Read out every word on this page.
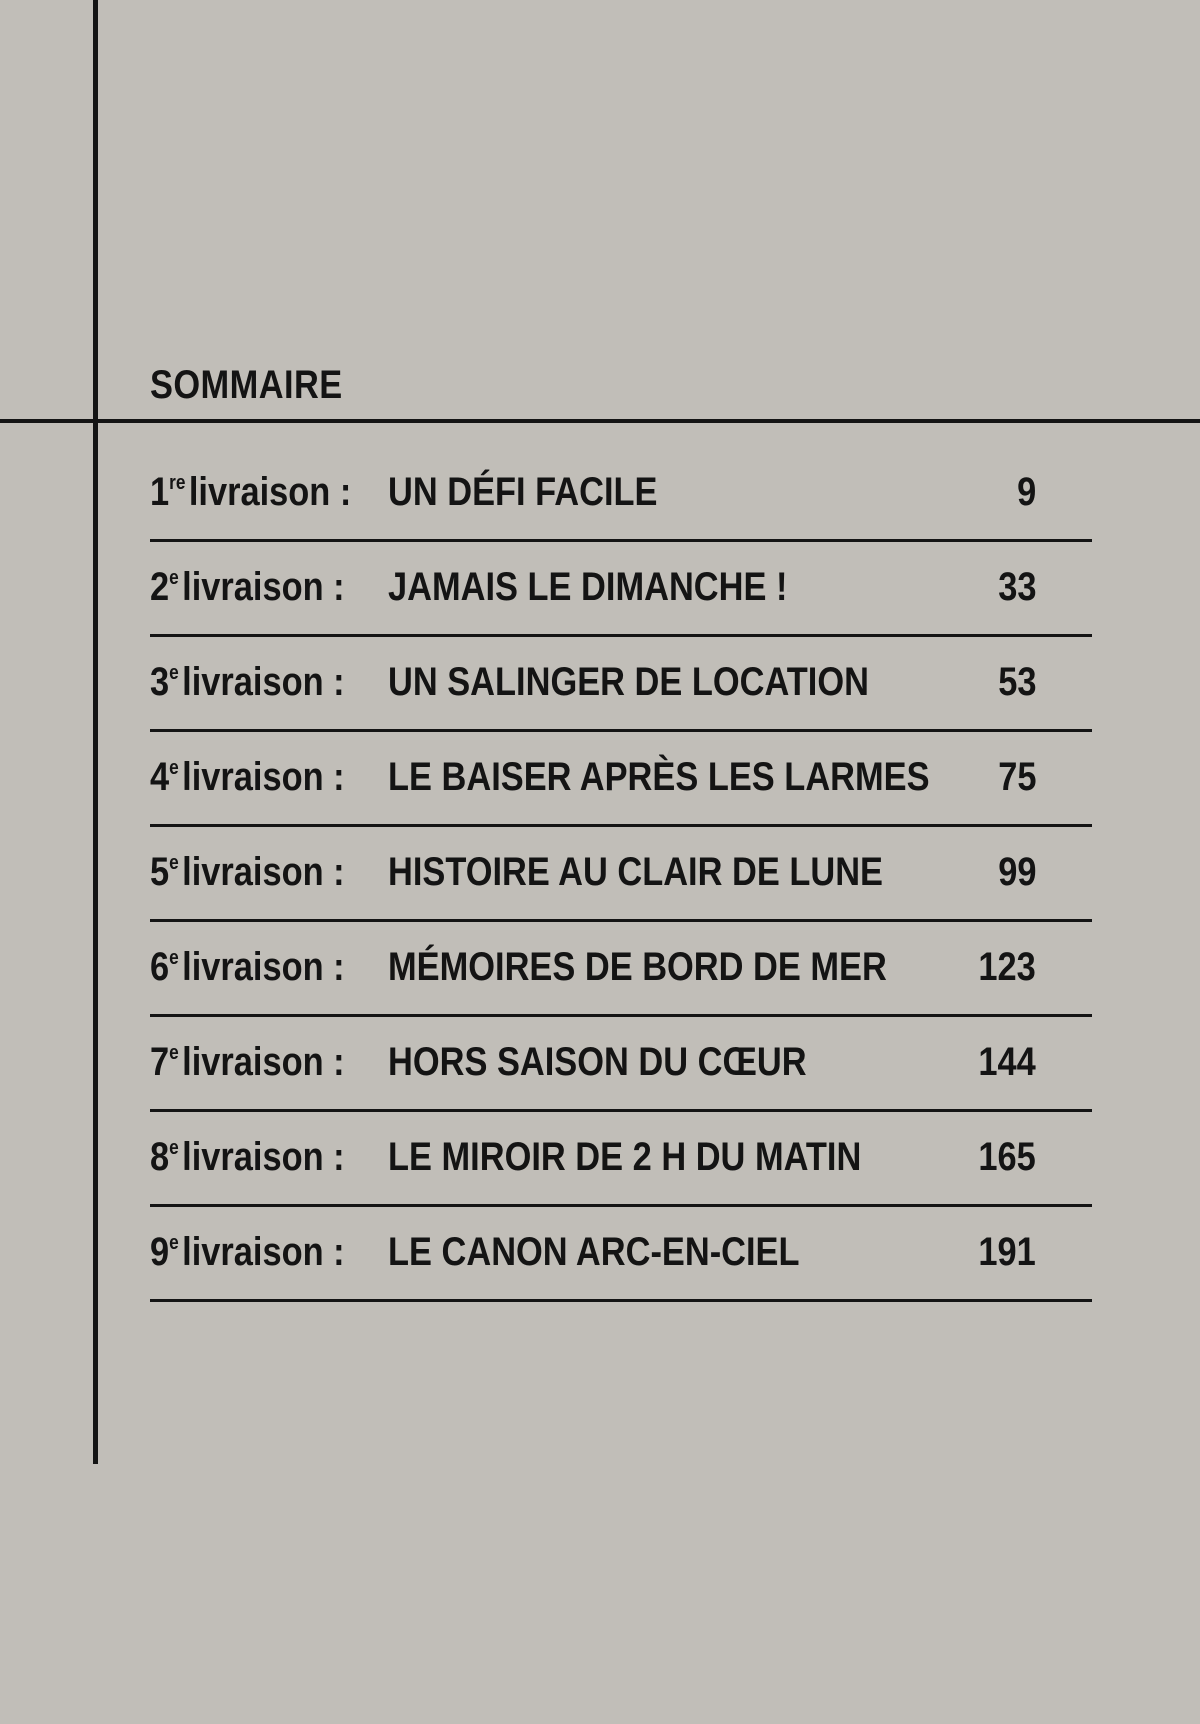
SOMMAIRE
1relivraison : UN DÉFI FACILE	9
2elivraison : JAMAIS LE DIMANCHE !	33
3elivraison : UN SALINGER DE LOCATION	53
4elivraison : LE BAISER APRÈS LES LARMES 75
5elivraison : HISTOIRE AU CLAIR DE LUNE	99
6elivraison : MÉMOIRES DE BORD DE MER 123
7elivraison : HORS SAISON DU CŒUR	144
8elivraison : LE MIROIR DE 2 H DU MATIN	165
9elivraison : LE CANON ARC-EN-CIEL	191
